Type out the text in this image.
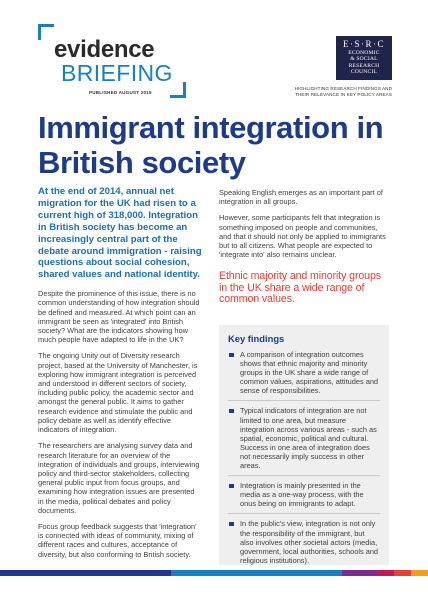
evidence
BRIEFING
PUBLISHED AUGUST 2015
E·S·R·C
ECONOMIC
& SOCIAL
RESEARCH
COUNCIL
HIGHLIGHTING RESEARCH FINDINGS AND
THEIR RELEVANCE IN KEY POLICY AREAS
Immigrant integration in British society

At the end of 2014, annual net migration for the UK had risen to a current high of 318,000. Integration in British society has become an increasingly central part of the debate around immigration - raising questions about social cohesion, shared values and national identity.

Despite the prominence of this issue, there is no common understanding of how integration should be defined and measured. At which point can an immigrant be seen as 'integrated' into British society? What are the indicators showing how much people have adapted to life in the UK?

The ongoing Unity out of Diversity research project, based at the University of Manchester, is exploring how immigrant integration is perceived and understood in different sectors of society, including public policy, the academic sector and amongst the general public. It aims to gather research evidence and stimulate the public and policy debate as well as identify effective indicators of integration.

The researchers are analysing survey data and research literature for an overview of the integration of individuals and groups, interviewing policy and third-sector stakeholders, collecting general public input from focus groups, and examining how integration issues are presented in the media, political debates and policy documents.

Focus group feedback suggests that 'integration' is connected with ideas of community, mixing of different races and cultures, acceptance of diversity, but also conforming to British society.

Speaking English emerges as an important part of integration in all groups.

However, some participants felt that integration is something imposed on people and communities, and that it should not only be applied to immigrants but to all citizens. What people are expected to 'integrate into' also remains unclear.

Ethnic majority and minority groups in the UK share a wide range of common values.

Key findings
A comparison of integration outcomes shows that ethnic majority and minority groups in the UK share a wide range of common values, aspirations, attitudes and sense of responsibilities.
Typical indicators of integration are not limited to one area, but measure integration across various areas - such as spatial, economic, political and cultural. Success in one area of integration does not necessarily imply success in other areas.
Integration is mainly presented in the media as a one-way process, with the onus being on immigrants to adapt.
In the public's view, integration is not only the responsibility of the immigrant, but also involves other societal actors (media, government, local authorities, schools and religious institutions).
